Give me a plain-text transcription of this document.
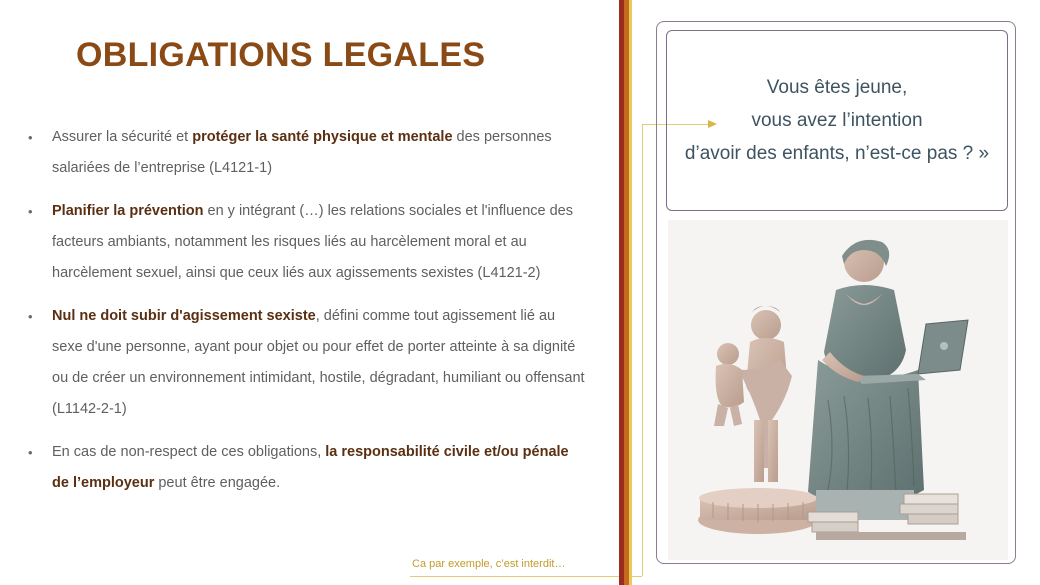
OBLIGATIONS LEGALES
• Assurer la sécurité et protéger la santé physique et mentale des personnes salariées de l’entreprise (L4121-1)
• Planifier la prévention en y intégrant (…) les relations sociales et l'influence des facteurs ambiants, notamment les risques liés au harcèlement moral et au harcèlement sexuel, ainsi que ceux liés aux agissements sexistes (L4121-2)
• Nul ne doit subir d'agissement sexiste, défini comme tout agissement lié au sexe d'une personne, ayant pour objet ou pour effet de porter atteinte à sa dignité ou de créer un environnement intimidant, hostile, dégradant, humiliant ou offensant (L1142-2-1)
• En cas de non-respect de ces obligations, la responsabilité civile et/ou pénale de l’employeur peut être engagée.
Ca par exemple, c’est interdit…
Vous êtes jeune,
vous avez l’intention
d’avoir des enfants, n’est-ce pas ? »
